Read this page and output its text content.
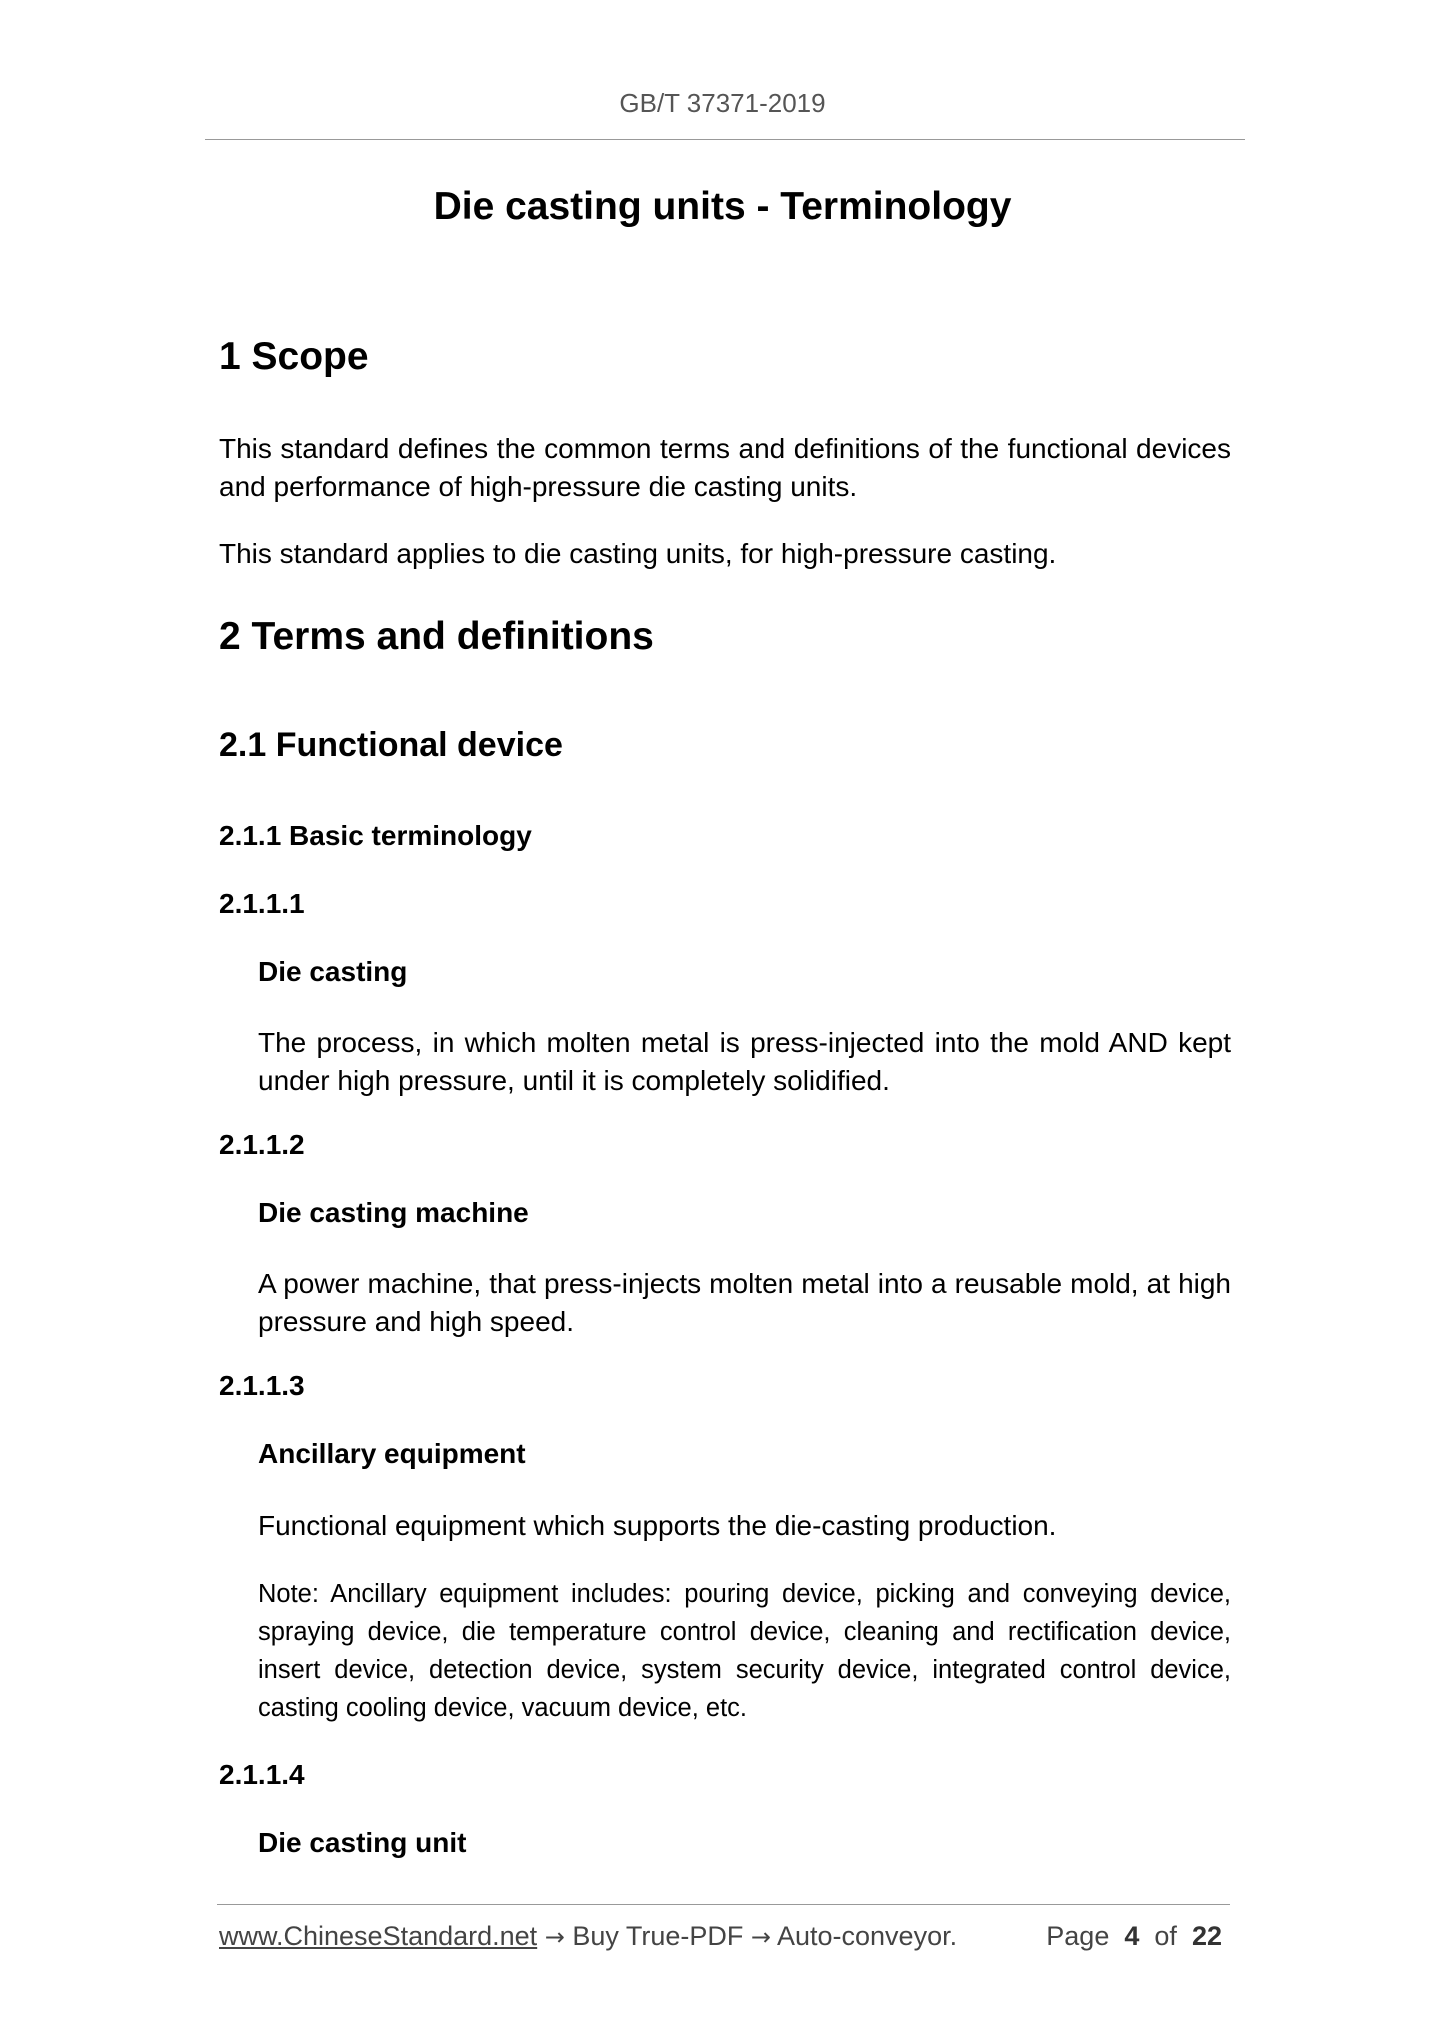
GB/T 37371-2019
Die casting units - Terminology
1 Scope

This standard defines the common terms and definitions of the functional devices and performance of high-pressure die casting units.

This standard applies to die casting units, for high-pressure casting.

2 Terms and definitions
2.1 Functional device
2.1.1 Basic terminology
2.1.1.1
Die casting

The process, in which molten metal is press-injected into the mold AND kept under high pressure, until it is completely solidified.

2.1.1.2
Die casting machine

A power machine, that press-injects molten metal into a reusable mold, at high pressure and high speed.

2.1.1.3
Ancillary equipment

Functional equipment which supports the die-casting production.

Note: Ancillary equipment includes: pouring device, picking and conveying device, spraying device, die temperature control device, cleaning and rectification device, insert device, detection device, system security device, integrated control device, casting cooling device, vacuum device, etc.

2.1.1.4
Die casting unit
www.ChineseStandard.net → Buy True-PDF → Auto-conveyor.	Page 4 of 22
